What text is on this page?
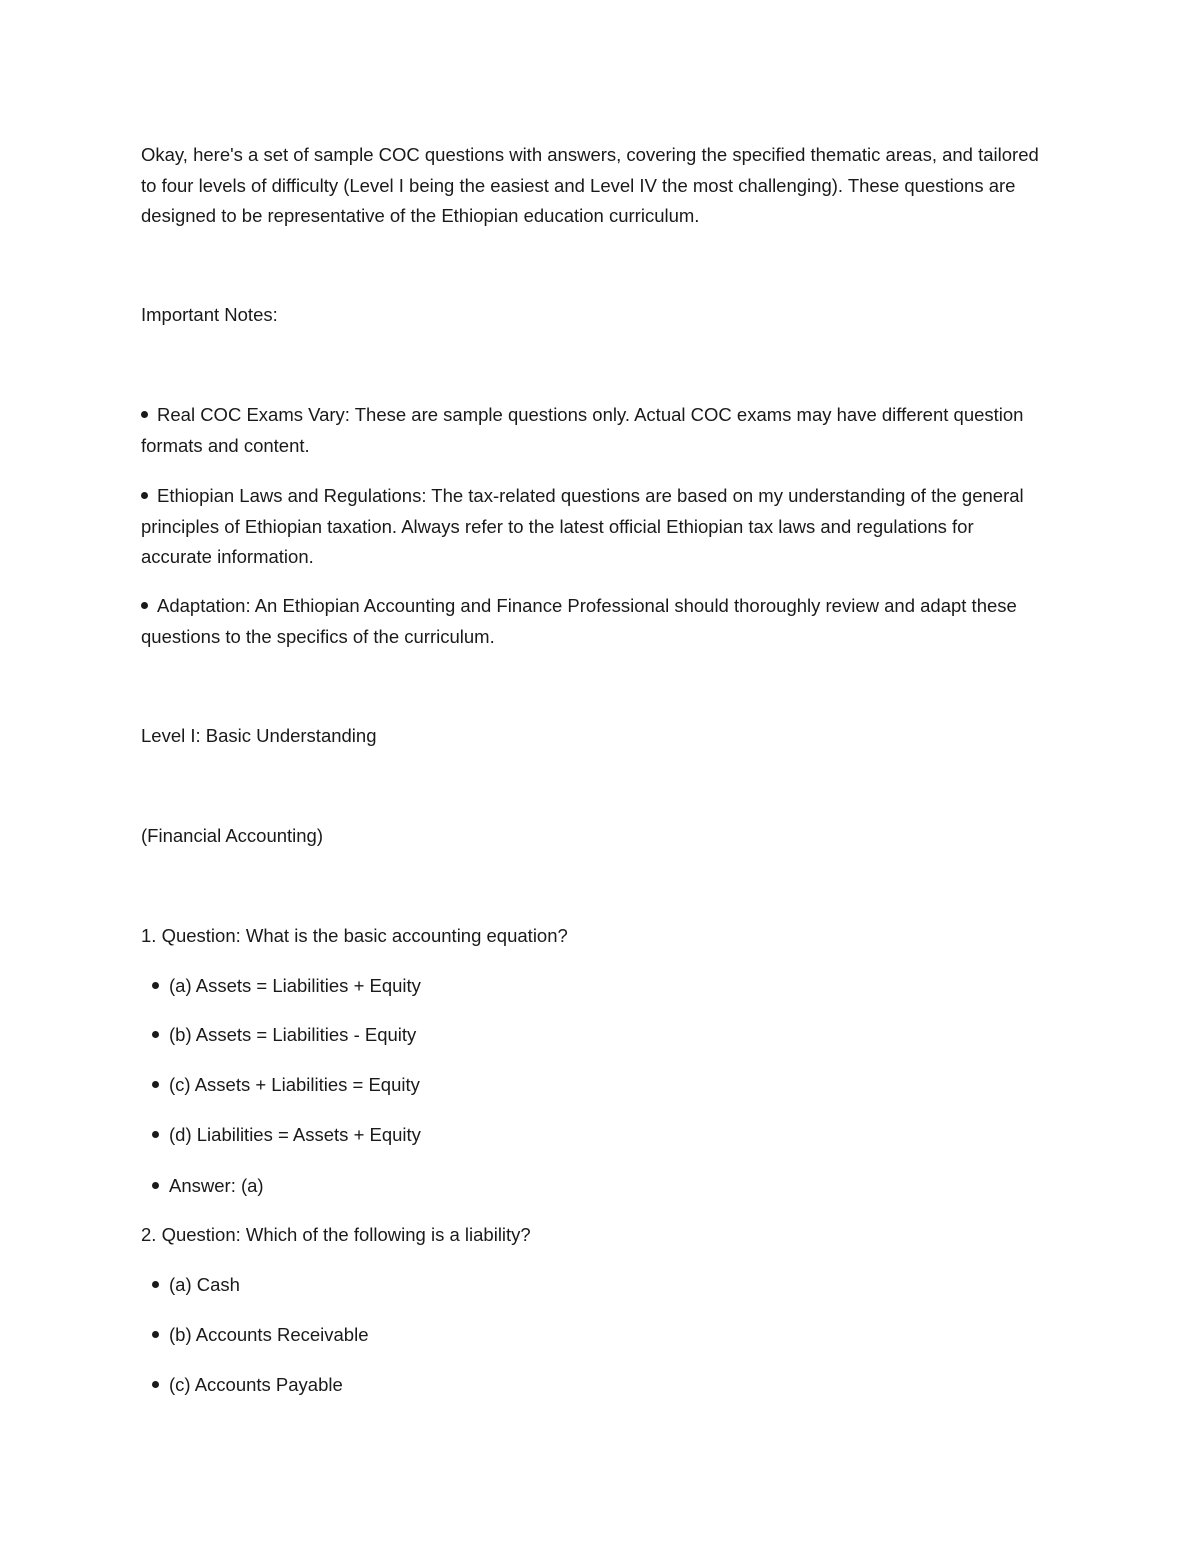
Okay, here's a set of sample COC questions with answers, covering the specified thematic areas, and tailored to four levels of difficulty (Level I being the easiest and Level IV the most challenging). These questions are designed to be representative of the Ethiopian education curriculum.

Important Notes:

Real COC Exams Vary: These are sample questions only. Actual COC exams may have different question formats and content.

Ethiopian Laws and Regulations: The tax-related questions are based on my understanding of the general principles of Ethiopian taxation. Always refer to the latest official Ethiopian tax laws and regulations for accurate information.

Adaptation: An Ethiopian Accounting and Finance Professional should thoroughly review and adapt these questions to the specifics of the curriculum.

Level I: Basic Understanding

(Financial Accounting)

1. Question: What is the basic accounting equation?

(a) Assets = Liabilities + Equity

(b) Assets = Liabilities - Equity

(c) Assets + Liabilities = Equity

(d) Liabilities = Assets + Equity

Answer: (a)

2. Question: Which of the following is a liability?

(a) Cash

(b) Accounts Receivable

(c) Accounts Payable
